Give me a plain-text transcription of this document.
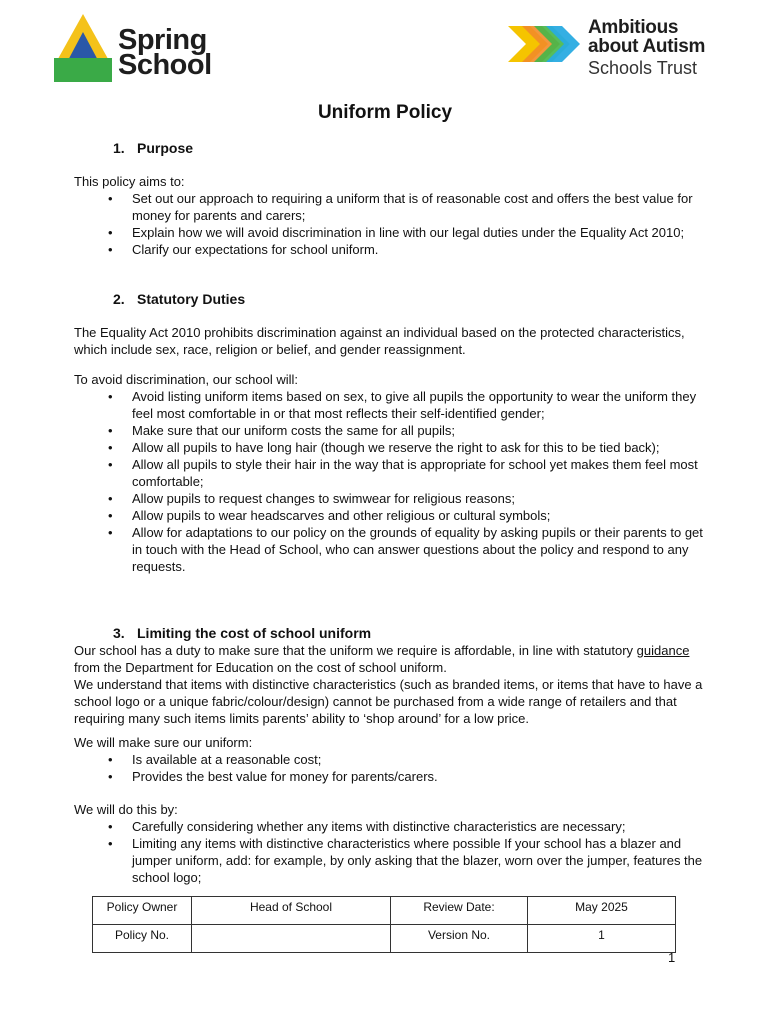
Spring
School
Ambitious
about Autism
Schools Trust
Uniform Policy
1. Purpose
This policy aims to:
• Set out our approach to requiring a uniform that is of reasonable cost and offers the best value for money for parents and carers;
• Explain how we will avoid discrimination in line with our legal duties under the Equality Act 2010;
• Clarify our expectations for school uniform.
2. Statutory Duties
The Equality Act 2010 prohibits discrimination against an individual based on the protected characteristics, which include sex, race, religion or belief, and gender reassignment.
To avoid discrimination, our school will:
• Avoid listing uniform items based on sex, to give all pupils the opportunity to wear the uniform they feel most comfortable in or that most reflects their self-identified gender;
• Make sure that our uniform costs the same for all pupils;
• Allow all pupils to have long hair (though we reserve the right to ask for this to be tied back);
• Allow all pupils to style their hair in the way that is appropriate for school yet makes them feel most comfortable;
• Allow pupils to request changes to swimwear for religious reasons;
• Allow pupils to wear headscarves and other religious or cultural symbols;
• Allow for adaptations to our policy on the grounds of equality by asking pupils or their parents to get in touch with the Head of School, who can answer questions about the policy and respond to any requests.
3. Limiting the cost of school uniform
Our school has a duty to make sure that the uniform we require is affordable, in line with statutory guidance from the Department for Education on the cost of school uniform.
We understand that items with distinctive characteristics (such as branded items, or items that have to have a school logo or a unique fabric/colour/design) cannot be purchased from a wide range of retailers and that requiring many such items limits parents’ ability to ‘shop around’ for a low price.
We will make sure our uniform:
• Is available at a reasonable cost;
• Provides the best value for money for parents/carers.
We will do this by:
• Carefully considering whether any items with distinctive characteristics are necessary;
• Limiting any items with distinctive characteristics where possible If your school has a blazer and jumper uniform, add: for example, by only asking that the blazer, worn over the jumper, features the school logo;
Policy Owner	Head of School	Review Date:	May 2025
Policy No.		Version No.	1
1
